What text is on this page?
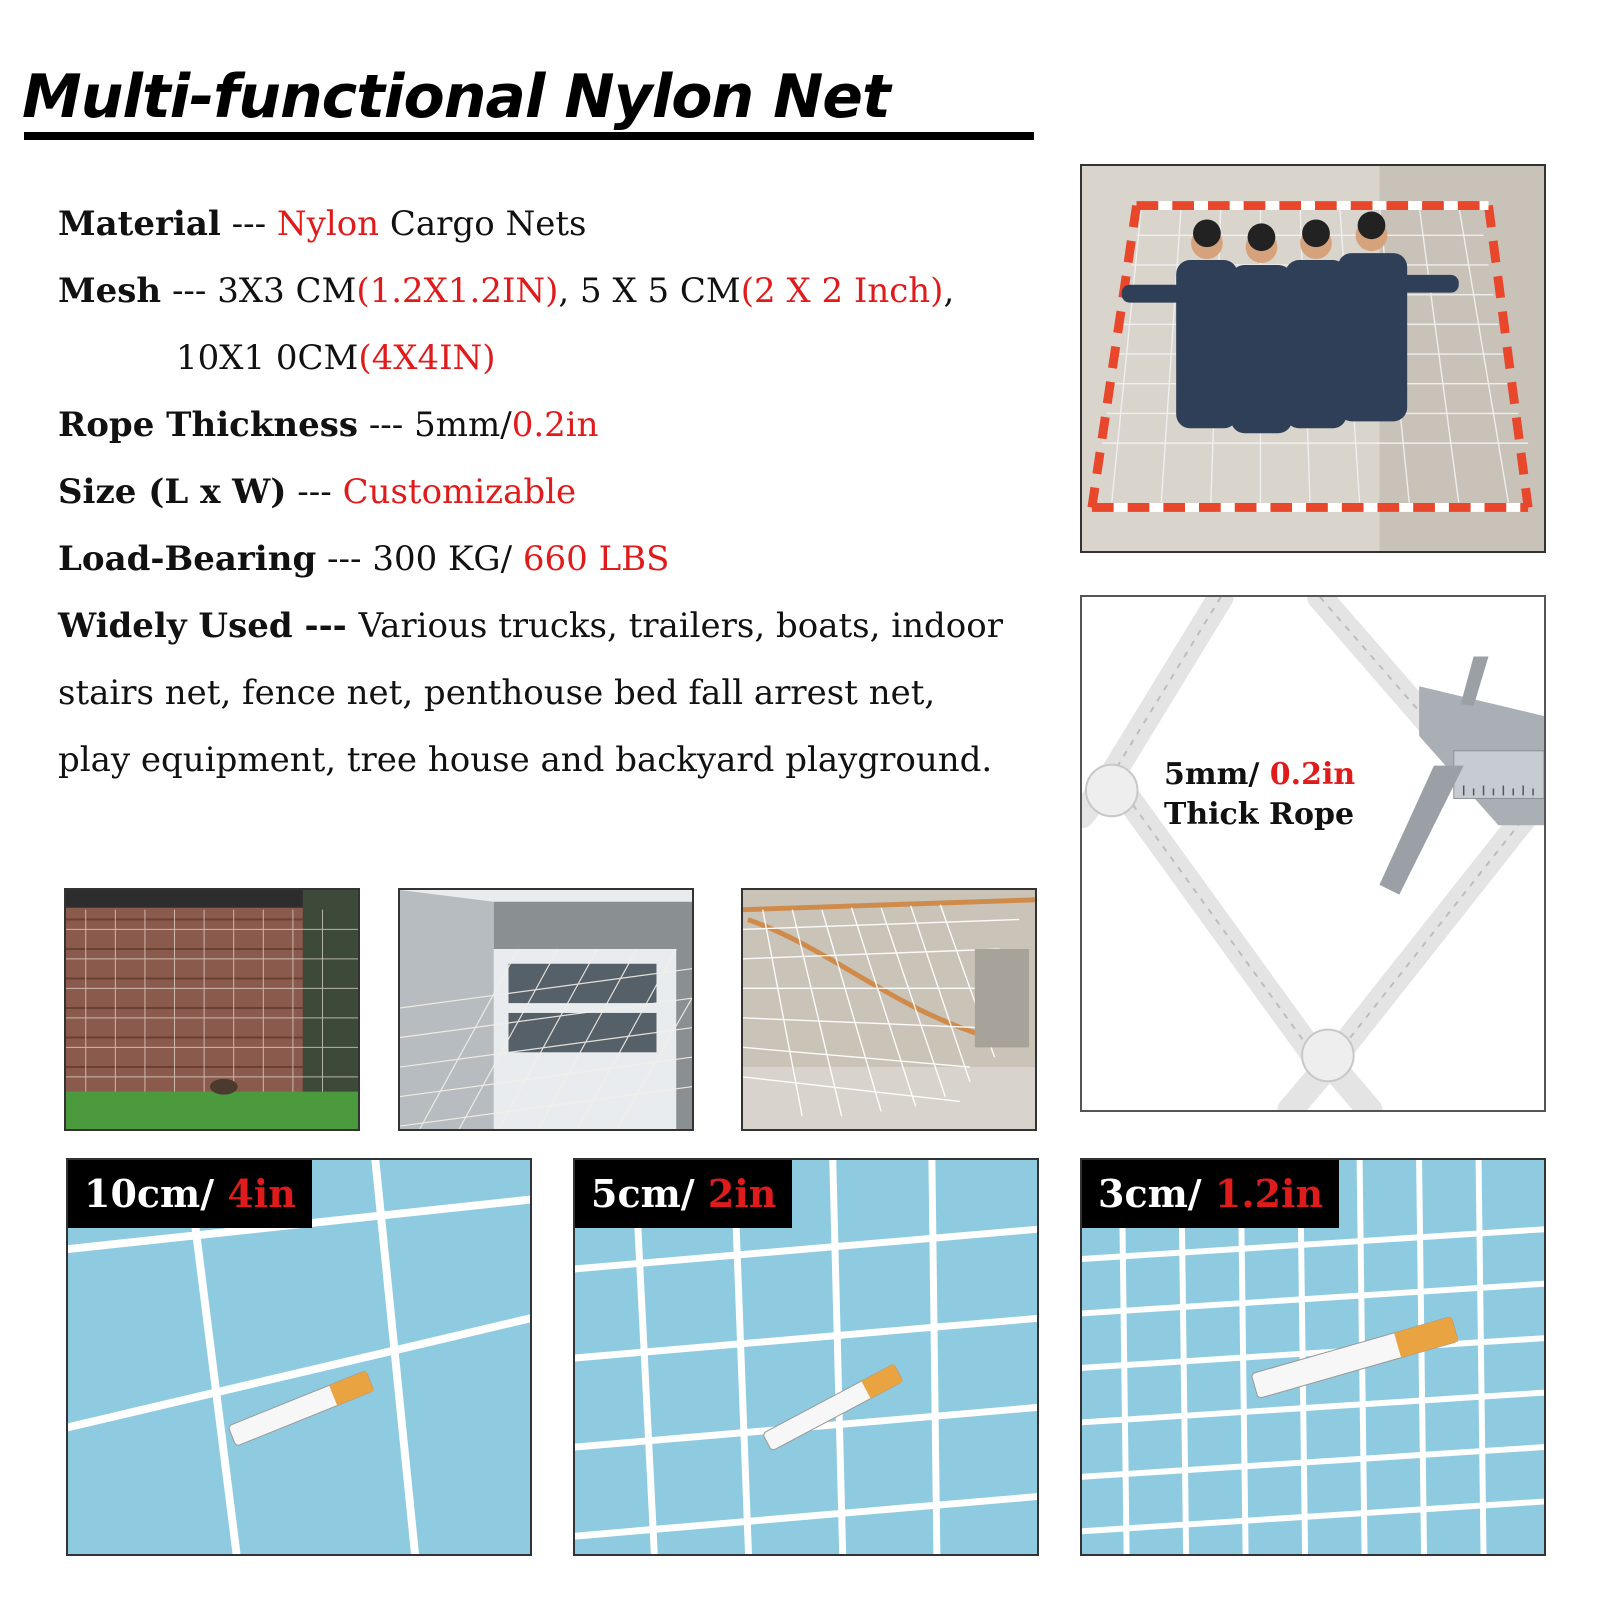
Multi-functional Nylon Net
Material --- Nylon Cargo Nets
Mesh --- 3X3 CM(1.2X1.2IN), 5 X 5 CM(2 X 2 Inch),
10X1 0CM(4X4IN)
Rope Thickness --- 5mm/0.2in
Size (L x W) --- Customizable
Load-Bearing --- 300 KG/ 660 LBS
Widely Used --- Various trucks, trailers, boats, indoor
stairs net, fence net, penthouse bed fall arrest net,
play equipment, tree house and backyard playground.	5mm/ 0.2in
Thick Rope
10cm/ 4in	5cm/ 2in	3cm/ 1.2in
